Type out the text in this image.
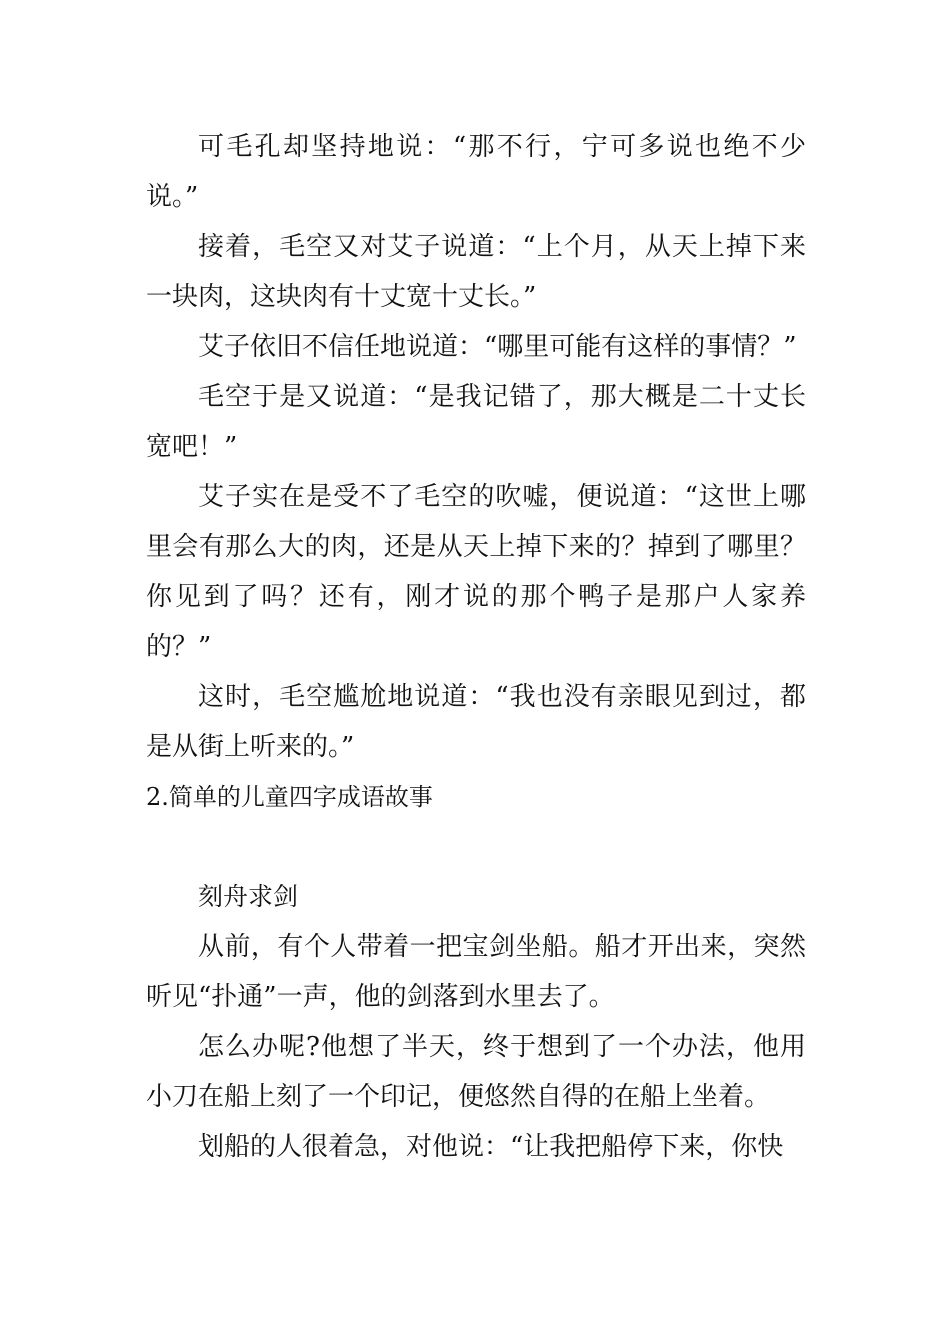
可毛孔却坚持地说：“那不行，宁可多说也绝不少说。”

接着，毛空又对艾子说道：“上个月，从天上掉下来一块肉，这块肉有十丈宽十丈长。”

艾子依旧不信任地说道：“哪里可能有这样的事情？”

毛空于是又说道：“是我记错了，那大概是二十丈长宽吧！”

艾子实在是受不了毛空的吹嘘，便说道：“这世上哪里会有那么大的肉，还是从天上掉下来的？掉到了哪里？你见到了吗？还有，刚才说的那个鸭子是那户人家养的？”

这时，毛空尴尬地说道：“我也没有亲眼见到过，都是从街上听来的。”

2.简单的儿童四字成语故事

刻舟求剑

从前，有个人带着一把宝剑坐船。船才开出来，突然听见“扑通”一声，他的剑落到水里去了。

怎么办呢?他想了半天，终于想到了一个办法，他用小刀在船上刻了一个印记，便悠然自得的在船上坐着。

划船的人很着急，对他说：“让我把船停下来，你快
